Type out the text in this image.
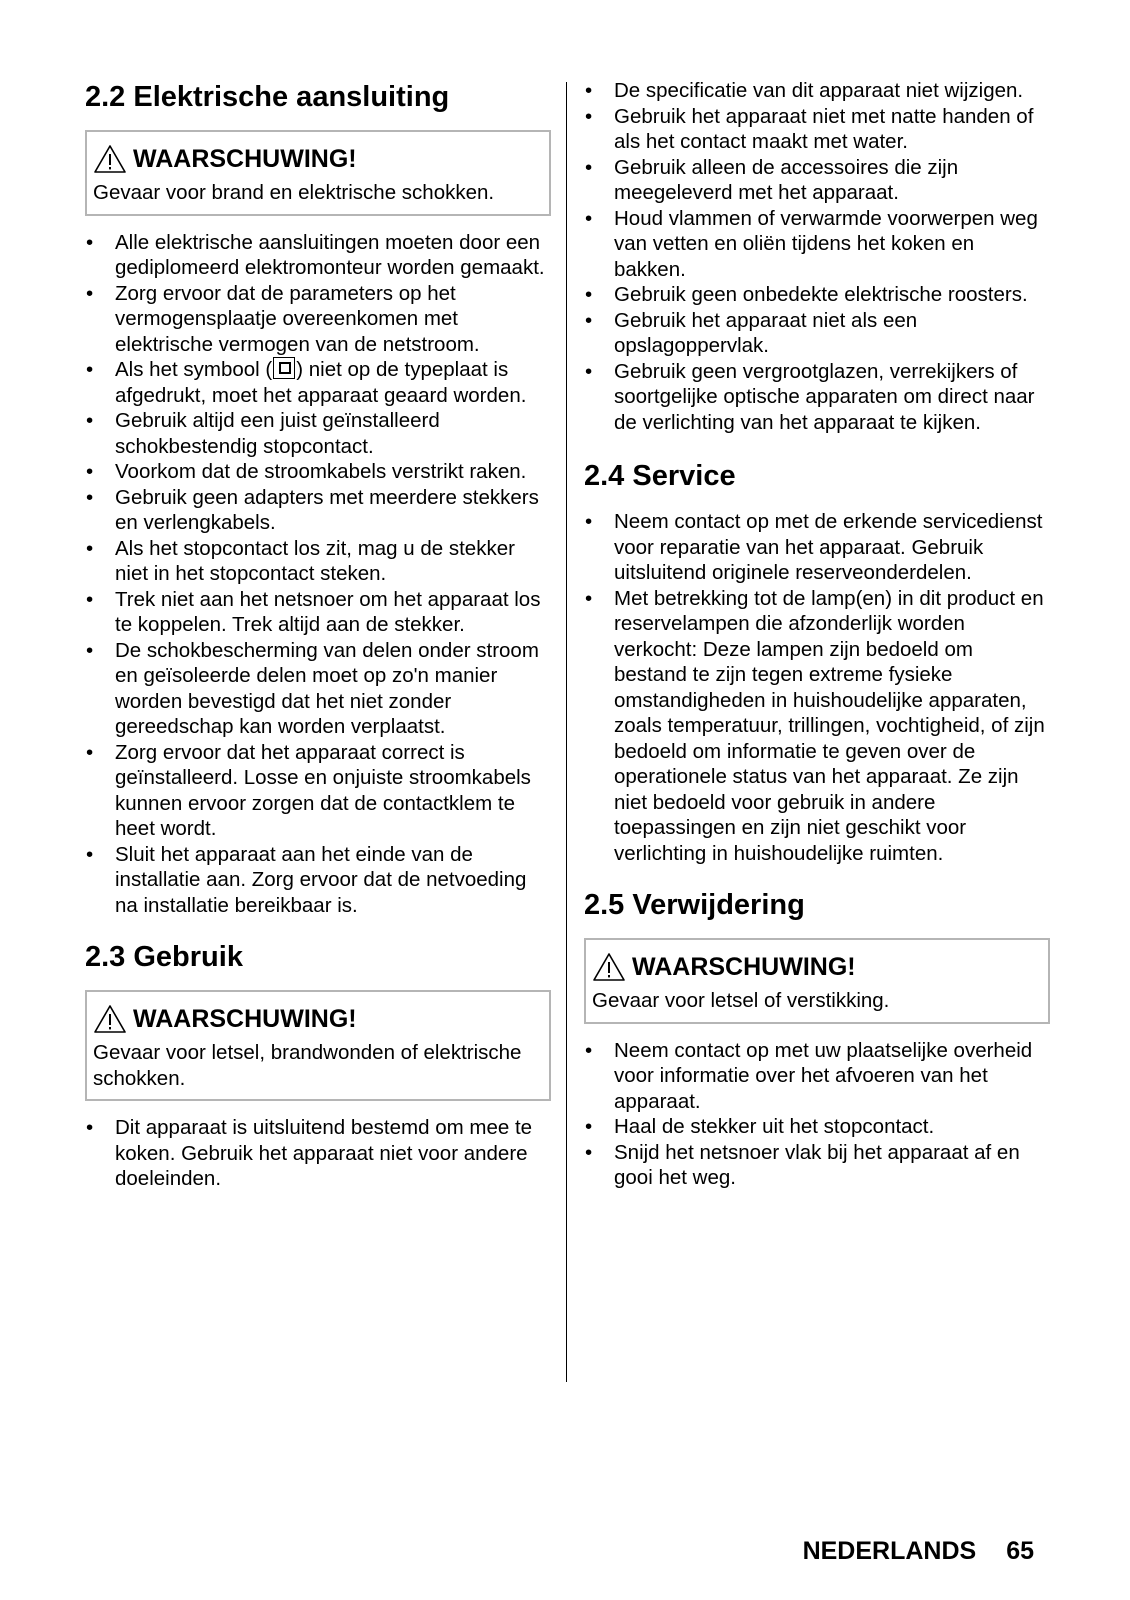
2.2 Elektrische aansluiting
WAARSCHUWING!
Gevaar voor brand en elektrische schokken.
• Alle elektrische aansluitingen moeten door een gediplomeerd elektromonteur worden gemaakt.
• Zorg ervoor dat de parameters op het vermogensplaatje overeenkomen met elektrische vermogen van de netstroom.
• Als het symbool ( ) niet op de typeplaat is afgedrukt, moet het apparaat geaard worden.
• Gebruik altijd een juist geïnstalleerd schokbestendig stopcontact.
• Voorkom dat de stroomkabels verstrikt raken.
• Gebruik geen adapters met meerdere stekkers en verlengkabels.
• Als het stopcontact los zit, mag u de stekker niet in het stopcontact steken.
• Trek niet aan het netsnoer om het apparaat los te koppelen. Trek altijd aan de stekker.
• De schokbescherming van delen onder stroom en geïsoleerde delen moet op zo'n manier worden bevestigd dat het niet zonder gereedschap kan worden verplaatst.
• Zorg ervoor dat het apparaat correct is geïnstalleerd. Losse en onjuiste stroomkabels kunnen ervoor zorgen dat de contactklem te heet wordt.
• Sluit het apparaat aan het einde van de installatie aan. Zorg ervoor dat de netvoeding na installatie bereikbaar is.
2.3 Gebruik
WAARSCHUWING!
Gevaar voor letsel, brandwonden of elektrische schokken.
• Dit apparaat is uitsluitend bestemd om mee te koken. Gebruik het apparaat niet voor andere doeleinden.
• De specificatie van dit apparaat niet wijzigen.
• Gebruik het apparaat niet met natte handen of als het contact maakt met water.
• Gebruik alleen de accessoires die zijn meegeleverd met het apparaat.
• Houd vlammen of verwarmde voorwerpen weg van vetten en oliën tijdens het koken en bakken.
• Gebruik geen onbedekte elektrische roosters.
• Gebruik het apparaat niet als een opslagoppervlak.
• Gebruik geen vergrootglazen, verrekijkers of soortgelijke optische apparaten om direct naar de verlichting van het apparaat te kijken.
2.4 Service
• Neem contact op met de erkende servicedienst voor reparatie van het apparaat. Gebruik uitsluitend originele reserveonderdelen.
• Met betrekking tot de lamp(en) in dit product en reservelampen die afzonderlijk worden verkocht: Deze lampen zijn bedoeld om bestand te zijn tegen extreme fysieke omstandigheden in huishoudelijke apparaten, zoals temperatuur, trillingen, vochtigheid, of zijn bedoeld om informatie te geven over de operationele status van het apparaat. Ze zijn niet bedoeld voor gebruik in andere toepassingen en zijn niet geschikt voor verlichting in huishoudelijke ruimten.
2.5 Verwijdering
WAARSCHUWING!
Gevaar voor letsel of verstikking.
• Neem contact op met uw plaatselijke overheid voor informatie over het afvoeren van het apparaat.
• Haal de stekker uit het stopcontact.
• Snijd het netsnoer vlak bij het apparaat af en gooi het weg.
NEDERLANDS 65
